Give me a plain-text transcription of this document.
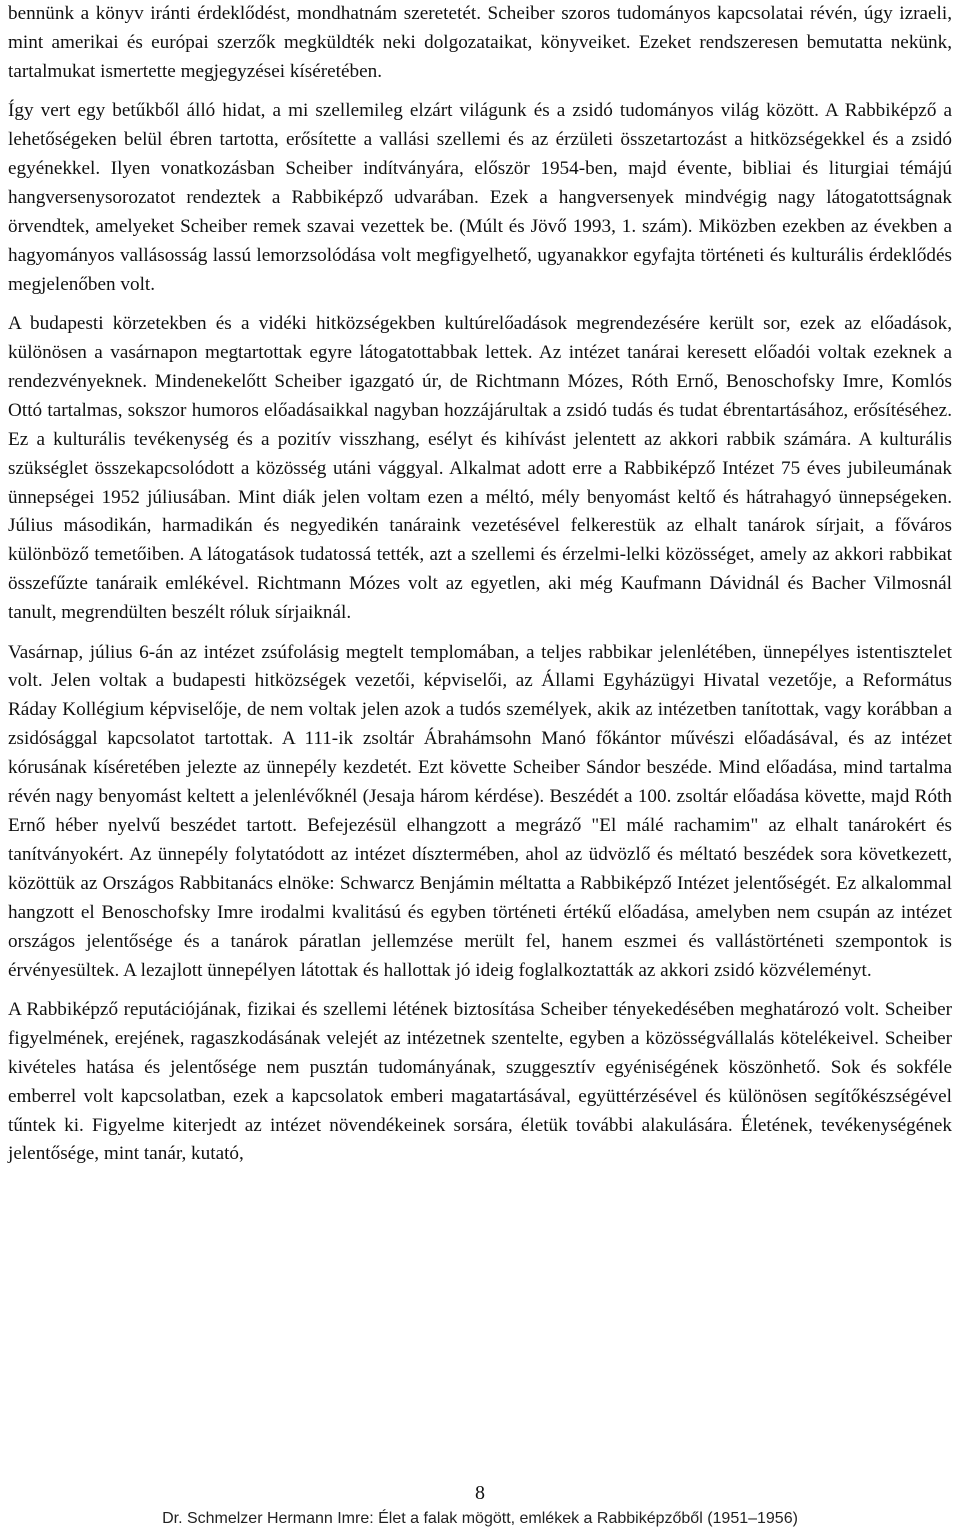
bennünk a könyv iránti érdeklődést, mondhatnám szeretetét. Scheiber szoros tudományos kapcsolatai révén, úgy izraeli, mint amerikai és európai szerzők megküldték neki dolgozataikat, könyveiket. Ezeket rendszeresen bemutatta nekünk, tartalmukat ismertette megjegyzései kíséretében.

Így vert egy betűkből álló hidat, a mi szellemileg elzárt világunk és a zsidó tudományos világ között. A Rabbiképző a lehetőségeken belül ébren tartotta, erősítette a vallási szellemi és az érzületi összetartozást a hitközségekkel és a zsidó egyénekkel. Ilyen vonatkozásban Scheiber indítványára, először 1954-ben, majd évente, bibliai és liturgiai témájú hangversenysorozatot rendeztek a Rabbiképző udvarában. Ezek a hangversenyek mindvégig nagy látogatottságnak örvendtek, amelyeket Scheiber remek szavai vezettek be. (Múlt és Jövő 1993, 1. szám). Miközben ezekben az években a hagyományos vallásosság lassú lemorzsolódása volt megfigyelhető, ugyanakkor egyfajta történeti és kulturális érdeklődés megjelenőben volt.

A budapesti körzetekben és a vidéki hitközségekben kultúrelőadások megrendezésére került sor, ezek az előadások, különösen a vasárnapon megtartottak egyre látogatottabbak lettek. Az intézet tanárai keresett előadói voltak ezeknek a rendezvényeknek. Mindenekelőtt Scheiber igazgató úr, de Richtmann Mózes, Róth Ernő, Benoschofsky Imre, Komlós Ottó tartalmas, sokszor humoros előadásaikkal nagyban hozzájárultak a zsidó tudás és tudat ébrentartásához, erősítéséhez. Ez a kulturális tevékenység és a pozitív visszhang, esélyt és kihívást jelentett az akkori rabbik számára. A kulturális szükséglet összekapcsolódott a közösség utáni vággyal. Alkalmat adott erre a Rabbiképző Intézet 75 éves jubileumának ünnepségei 1952 júliusában. Mint diák jelen voltam ezen a méltó, mély benyomást keltő és hátrahagyó ünnepségeken. Július másodikán, harmadikán és negyedikén tanáraink vezetésével felkerestük az elhalt tanárok sírjait, a főváros különböző temetőiben. A látogatások tudatossá tették, azt a szellemi és érzelmi-lelki közösséget, amely az akkori rabbikat összefűzte tanáraik emlékével. Richtmann Mózes volt az egyetlen, aki még Kaufmann Dávidnál és Bacher Vilmosnál tanult, megrendülten beszélt róluk sírjaiknál.

Vasárnap, július 6-án az intézet zsúfolásig megtelt templomában, a teljes rabbikar jelenlétében, ünnepélyes istentisztelet volt. Jelen voltak a budapesti hitközségek vezetői, képviselői, az Állami Egyházügyi Hivatal vezetője, a Református Ráday Kollégium képviselője, de nem voltak jelen azok a tudós személyek, akik az intézetben tanítottak, vagy korábban a zsidósággal kapcsolatot tartottak. A 111-ik zsoltár Ábrahámsohn Manó főkántor művészi előadásával, és az intézet kórusának kíséretében jelezte az ünnepély kezdetét. Ezt követte Scheiber Sándor beszéde. Mind előadása, mind tartalma révén nagy benyomást keltett a jelenlévőknél (Jesaja három kérdése). Beszédét a 100. zsoltár előadása követte, majd Róth Ernő héber nyelvű beszédet tartott. Befejezésül elhangzott a megráző "El málé rachamim" az elhalt tanárokért és tanítványokért. Az ünnepély folytatódott az intézet dísztermében, ahol az üdvözlő és méltató beszédek sora következett, közöttük az Országos Rabbitanács elnöke: Schwarcz Benjámin méltatta a Rabbiképző Intézet jelentőségét. Ez alkalommal hangzott el Benoschofsky Imre irodalmi kvalitású és egyben történeti értékű előadása, amelyben nem csupán az intézet országos jelentősége és a tanárok páratlan jellemzése merült fel, hanem eszmei és vallástörténeti szempontok is érvényesültek. A lezajlott ünnepélyen látottak és hallottak jó ideig foglalkoztatták az akkori zsidó közvéleményt.

A Rabbiképző reputációjának, fizikai és szellemi létének biztosítása Scheiber tényekedésében meghatározó volt. Scheiber figyelmének, erejének, ragaszkodásának velejét az intézetnek szentelte, egyben a közösségvállalás kötelékeivel. Scheiber kivételes hatása és jelentősége nem pusztán tudományának, szuggesztív egyéniségének köszönhető. Sok és sokféle emberrel volt kapcsolatban, ezek a kapcsolatok emberi magatartásával, együttérzésével és különösen segítőkészségével tűntek ki. Figyelme kiterjedt az intézet növendékeinek sorsára, életük további alakulására. Életének, tevékenységének jelentősége, mint tanár, kutató,

8
Dr. Schmelzer Hermann Imre: Élet a falak mögött, emlékek a Rabbiképzőből (1951–1956)
